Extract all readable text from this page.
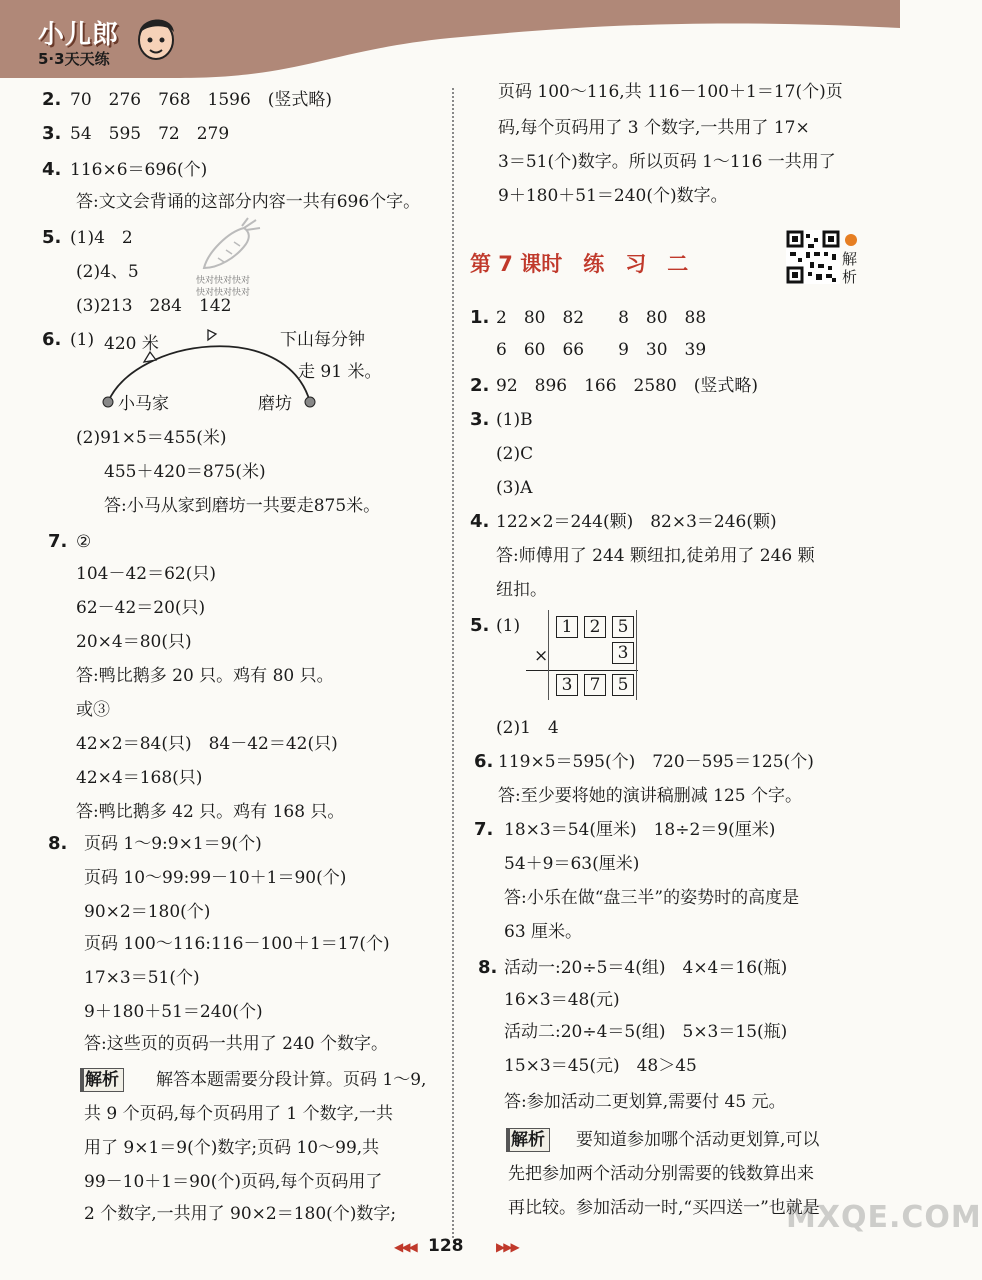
小儿郎
5·3天天练
2. 70　276　768　1596　(竖式略)
3. 54　595　72　279
4. 116×6＝696(个)
答:文文会背诵的这部分内容一共有696个字。
5. (1)4　2
(2)4、5
(3)213　284　142
快对快对快对
快对快对快对
6. (1) 420 米	下山每分钟
走 91 米。
小马家	磨坊
(2)91×5＝455(米)
455＋420＝875(米)
答:小马从家到磨坊一共要走875米。
7. ②
104－42＝62(只)
62－42＝20(只)
20×4＝80(只)
答:鸭比鹅多 20 只。鸡有 80 只。
或③
42×2＝84(只)　84－42＝42(只)
42×4＝168(只)
答:鸭比鹅多 42 只。鸡有 168 只。
8. 页码 1～9:9×1＝9(个)
页码 10～99:99－10＋1＝90(个)
90×2＝180(个)
页码 100～116:116－100＋1＝17(个)
17×3＝51(个)
9＋180＋51＝240(个)
答:这些页的页码一共用了 240 个数字。
解析 解答本题需要分段计算。页码 1～9,
共 9 个页码,每个页码用了 1 个数字,一共
用了 9×1＝9(个)数字;页码 10～99,共
99－10＋1＝90(个)页码,每个页码用了
2 个数字,一共用了 90×2＝180(个)数字;
页码 100～116,共 116－100＋1＝17(个)页
码,每个页码用了 3 个数字,一共用了 17×
3＝51(个)数字。所以页码 1～116 一共用了
9＋180＋51＝240(个)数字。
第 7 课时　练　习　二	解析
1. 2　80　82　　8　80　88
6　60　66　　9　30　39
2. 92　896　166　2580　(竖式略)
3. (1)B
(2)C
(3)A
4. 122×2＝244(颗)　82×3＝246(颗)
答:师傅用了 244 颗纽扣,徒弟用了 246 颗
纽扣。
5. (1)	1	2	5
×	3
3	7	5
(2)1　4
6. 119×5＝595(个)　720－595＝125(个)
答:至少要将她的演讲稿删减 125 个字。
7. 18×3＝54(厘米)　18÷2＝9(厘米)
54＋9＝63(厘米)
答:小乐在做“盘三半”的姿势时的高度是
63 厘米。
8. 活动一:20÷5＝4(组)　4×4＝16(瓶)
16×3＝48(元)
活动二:20÷4＝5(组)　5×3＝15(瓶)
15×3＝45(元)　48＞45
答:参加活动二更划算,需要付 45 元。
解析 要知道参加哪个活动更划算,可以
先把参加两个活动分别需要的钱数算出来
再比较。参加活动一时,“买四送一”也就是
◀◀◀ 128	▶▶▶
MXQE.COM
